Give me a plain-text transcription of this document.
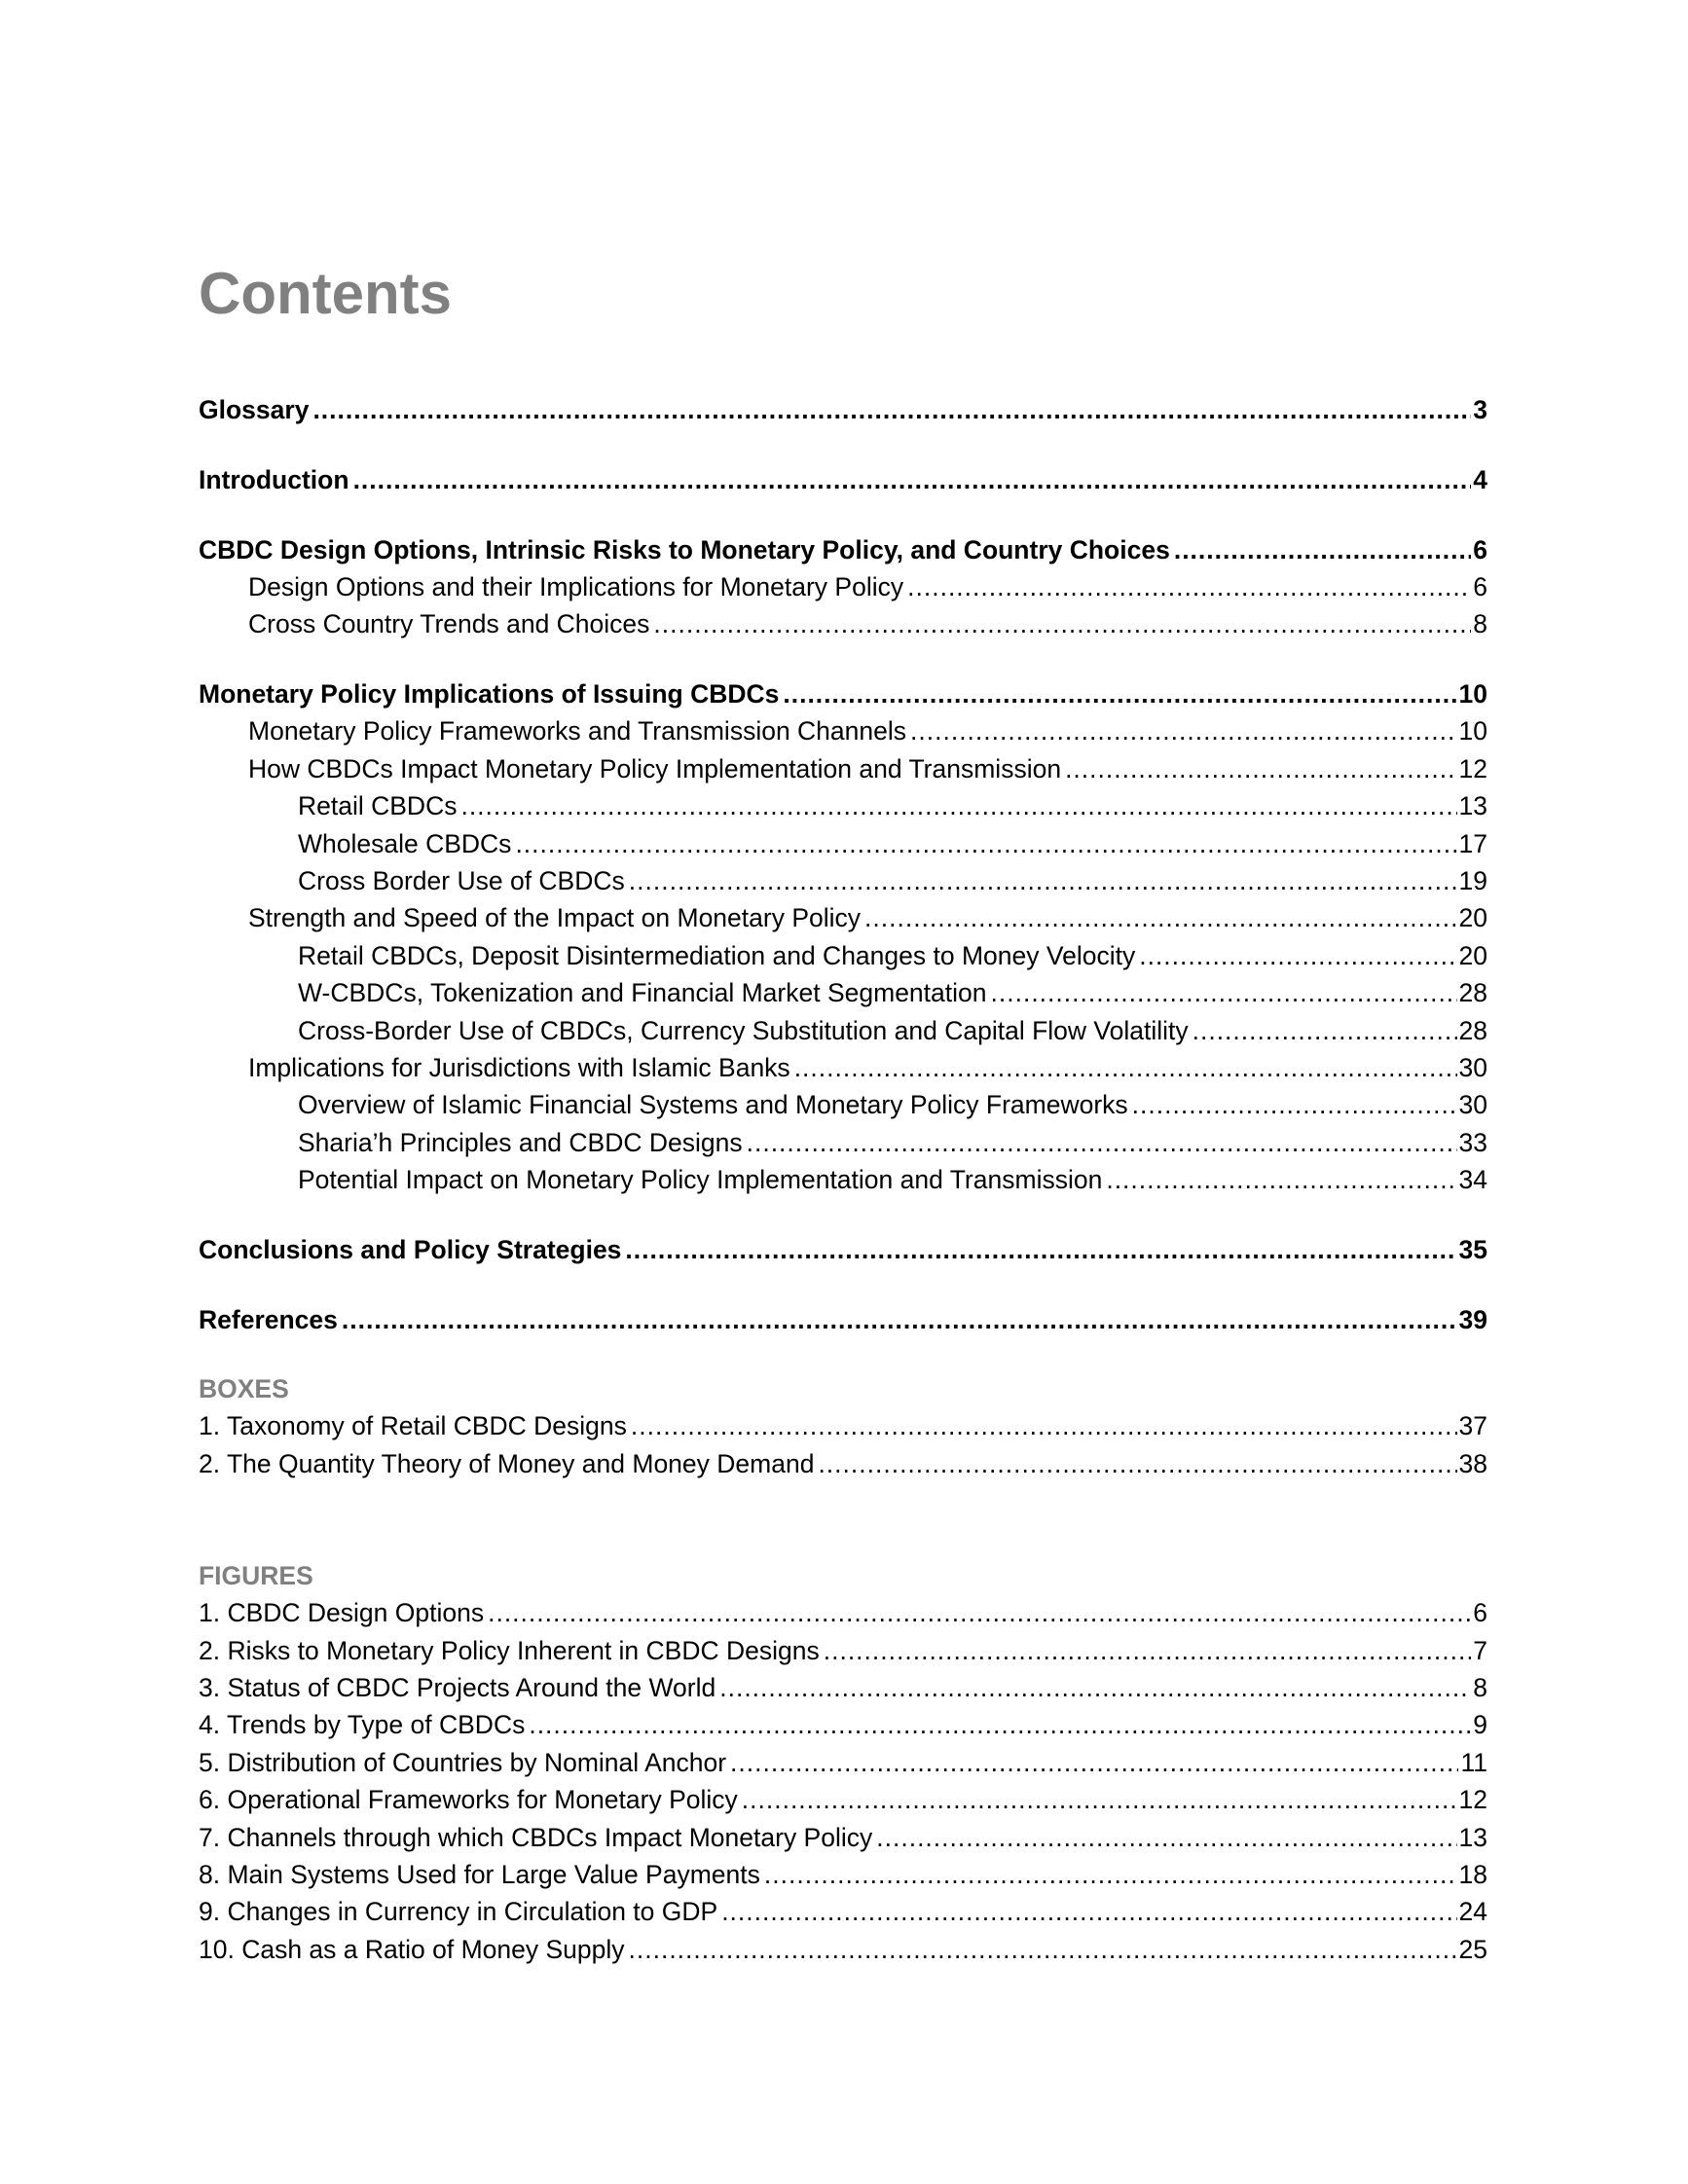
Contents
Glossary .....	3
Introduction .....	4
CBDC Design Options, Intrinsic Risks to Monetary Policy, and Country Choices .....	6
Design Options and their Implications for Monetary Policy .....	6
Cross Country Trends and Choices .....	8
Monetary Policy Implications of Issuing CBDCs .....	10
Monetary Policy Frameworks and Transmission Channels .....	10
How CBDCs Impact Monetary Policy Implementation and Transmission .....	12
Retail CBDCs .....	13
Wholesale CBDCs .....	17
Cross Border Use of CBDCs .....	19
Strength and Speed of the Impact on Monetary Policy .....	20
Retail CBDCs, Deposit Disintermediation and Changes to Money Velocity .....	20
W-CBDCs, Tokenization and Financial Market Segmentation .....	28
Cross-Border Use of CBDCs, Currency Substitution and Capital Flow Volatility .....	28
Implications for Jurisdictions with Islamic Banks .....	30
Overview of Islamic Financial Systems and Monetary Policy Frameworks .....	30
Sharia’h Principles and CBDC Designs .....	33
Potential Impact on Monetary Policy Implementation and Transmission .....	34
Conclusions and Policy Strategies .....	35
References .....	39
BOXES
1. Taxonomy of Retail CBDC Designs .....	37
2. The Quantity Theory of Money and Money Demand .....	38
FIGURES
1. CBDC Design Options .....	6
2. Risks to Monetary Policy Inherent in CBDC Designs .....	7
3. Status of CBDC Projects Around the World .....	8
4. Trends by Type of CBDCs .....	9
5. Distribution of Countries by Nominal Anchor .....	11
6. Operational Frameworks for Monetary Policy .....	12
7. Channels through which CBDCs Impact Monetary Policy .....	13
8. Main Systems Used for Large Value Payments .....	18
9. Changes in Currency in Circulation to GDP .....	24
10. Cash as a Ratio of Money Supply .....	25
